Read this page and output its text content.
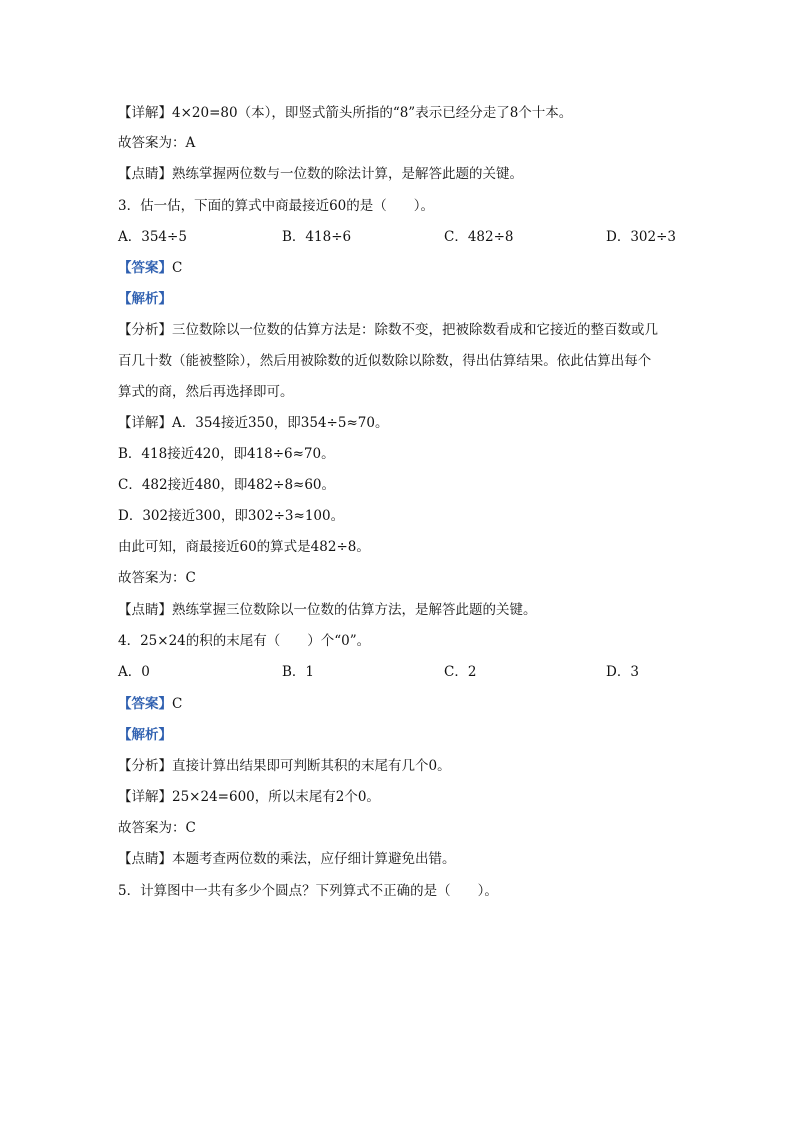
【详解】4×20=80（本），即竖式箭头所指的“8”表示已经分走了8个十本。
故答案为：A
【点睛】熟练掌握两位数与一位数的除法计算，是解答此题的关键。
3．估一估，下面的算式中商最接近60的是（　　）。
A．354÷5	B．418÷6	C．482÷8	D．302÷3
【答案】C
【解析】
【分析】三位数除以一位数的估算方法是：除数不变，把被除数看成和它接近的整百数或几
百几十数（能被整除），然后用被除数的近似数除以除数，得出估算结果。依此估算出每个
算式的商，然后再选择即可。
【详解】A．354接近350，即354÷5≈70。
B．418接近420，即418÷6≈70。
C．482接近480，即482÷8≈60。
D．302接近300，即302÷3≈100。
由此可知，商最接近60的算式是482÷8。
故答案为：C
【点睛】熟练掌握三位数除以一位数的估算方法，是解答此题的关键。
4．25×24的积的末尾有（　　）个“0”。
A．0	B．1	C．2	D．3
【答案】C
【解析】
【分析】直接计算出结果即可判断其积的末尾有几个0。
【详解】25×24=600，所以末尾有2个0。
故答案为：C
【点睛】本题考查两位数的乘法，应仔细计算避免出错。
5．计算图中一共有多少个圆点？下列算式不正确的是（　　）。
